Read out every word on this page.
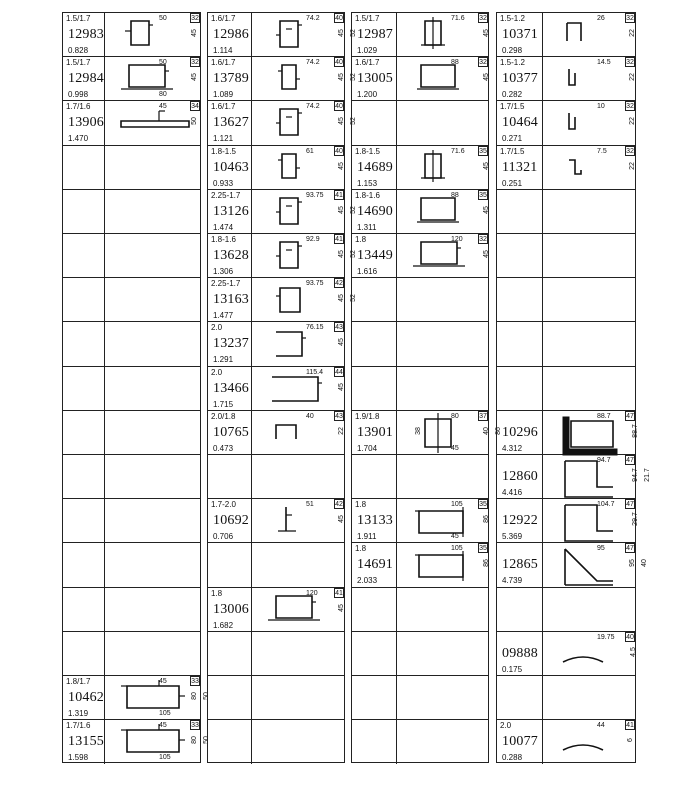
1.5/1.7
12983
0.828
32
50
45
1.5/1.7
12984
0.998
32
50
45
80
1.7/1.6
13906
1.470
34
45
50
1.8/1.7
10462
1.319
33
45
80
105
50
1.7/1.6
13155
1.598
33
45
80
105
50
1.6/1.7
12986
1.114
40
74.2
45 52
1.6/1.7
13789
1.089
40
74.2
45 52
1.6/1.7
13627
1.121
40
74.2
45 52
1.8-1.5
10463
0.933
40
61
45
2.25-1.7
13126
1.474
41
93.75
45 52
1.8-1.6
13628
1.306
41
92.9
45 52
2.25-1.7
13163
1.477
42
93.75
45 52
2.0
13237
1.291
43
76.15
45
2.0
13466
1.715
44
115.4
45
2.0/1.8
10765
0.473
43
40
22
1.7-2.0
10692
0.706
42
51
45
1.8
13006
1.682
41
120
45
1.5/1.7
12987
1.029
32
71.6
45
1.6/1.7
13005
1.200
32
88
45
1.8-1.5
14689
1.153
35
71.6
45
1.8-1.6
14690
1.311
35
88
45
1.8
13449
1.616
32
120
45
1.9/1.8
13901
1.704
37
80
40 86
45
38
1.8
13133
1.911
35
105
86
45
1.8
14691
2.033
35
105
86
1.5-1.2
10371
0.298
32
26
22
1.5-1.2
10377
0.282
32
14.5
22
1.7/1.5
10464
0.271
32
10
22
1.7/1.5
11321
0.251
32
7.5
22
10296
4.312
47
88.7
88.7
12860
4.416
47
94.7
94.7 21.7
12922
5.369
47
104.7
29.7
12865
4.739
47
95
95 40
09888
0.175
40
19.75
4.5
2.0
10077
0.288
41
44
6
